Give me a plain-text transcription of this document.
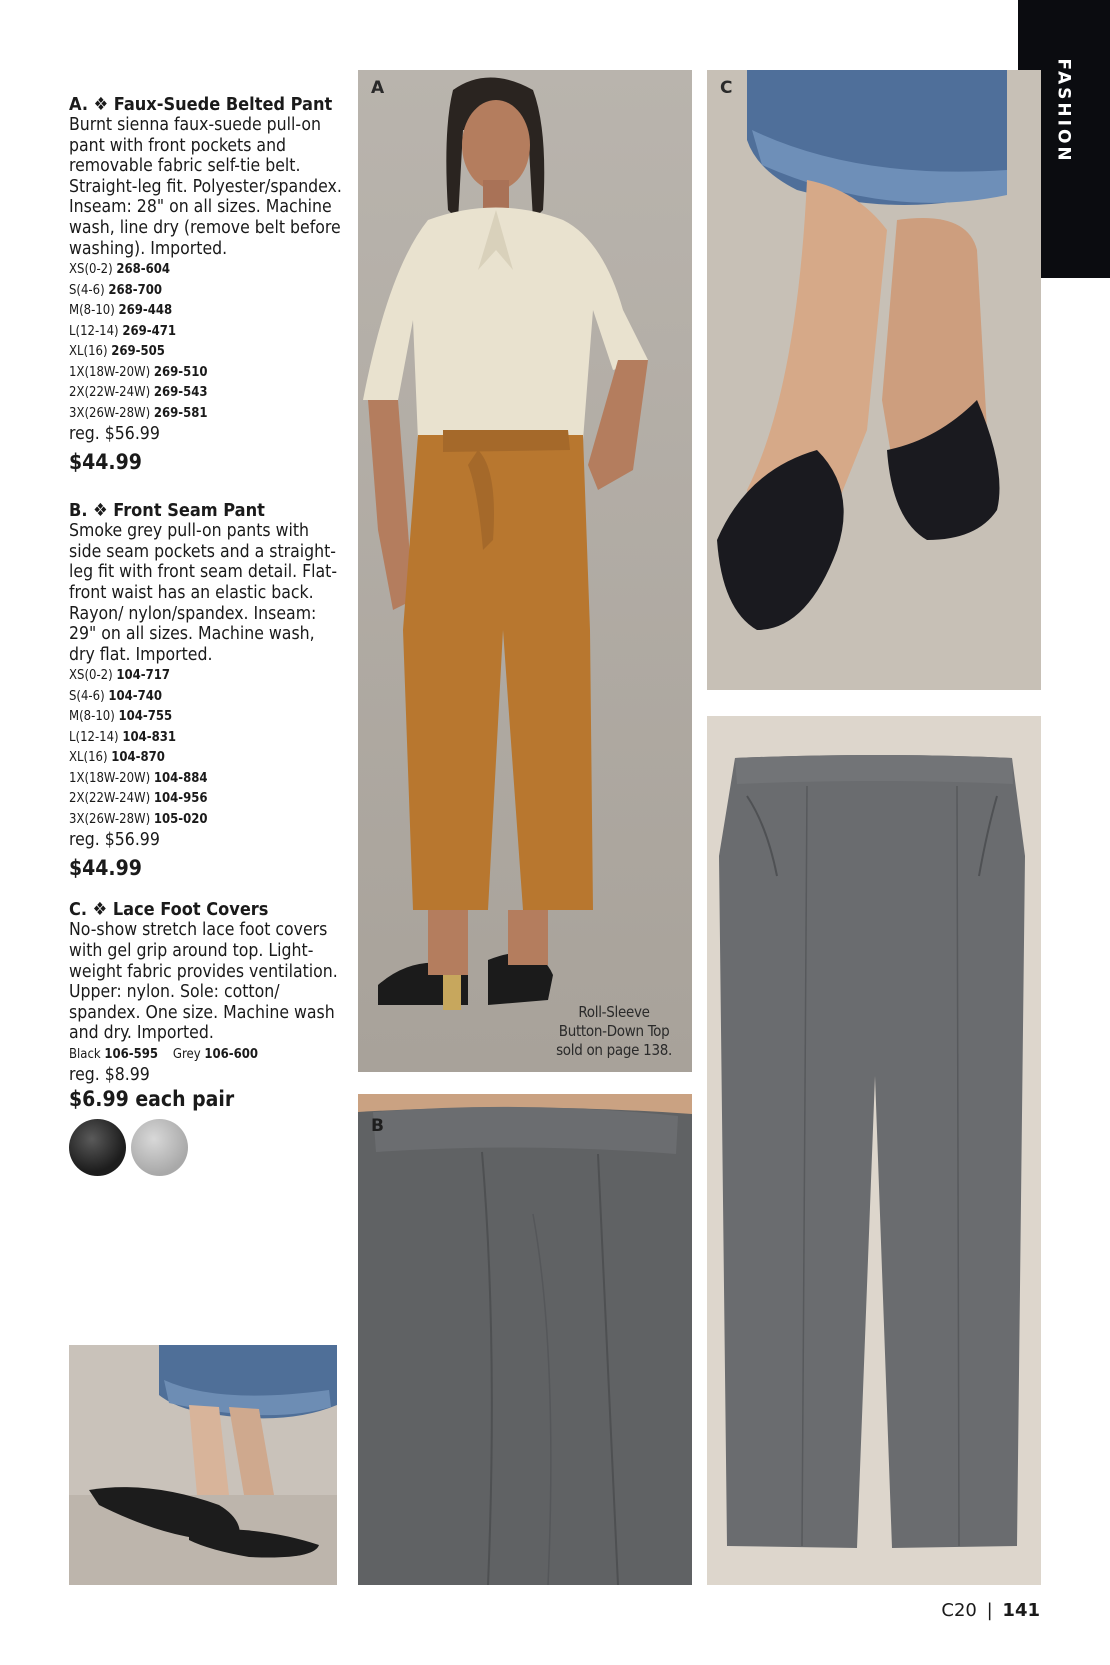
FASHION

A. ❖ Faux-Suede Belted Pant

Burnt sienna faux-suede pull-on pant with front pockets and removable fabric self-tie belt. Straight-leg fit. Polyester/spandex. Inseam: 28" on all sizes. Machine wash, line dry (remove belt before washing). Imported.

XS(0-2) 268-604
S(4-6) 268-700
M(8-10) 269-448
L(12-14) 269-471
XL(16) 269-505
1X(18W-20W) 269-510
2X(22W-24W) 269-543
3X(26W-28W) 269-581

reg. $56.99

$44.99

B. ❖ Front Seam Pant

Smoke grey pull-on pants with side seam pockets and a straight-leg fit with front seam detail. Flat-front waist has an elastic back. Rayon/ nylon/spandex. Inseam: 29" on all sizes. Machine wash, dry flat. Imported.

XS(0-2) 104-717
S(4-6) 104-740
M(8-10) 104-755
L(12-14) 104-831
XL(16) 104-870
1X(18W-20W) 104-884
2X(22W-24W) 104-956
3X(26W-28W) 105-020

reg. $56.99

$44.99

C. ❖ Lace Foot Covers

No-show stretch lace foot covers with gel grip around top. Light-weight fabric provides ventilation. Upper: nylon. Sole: cotton/ spandex. One size. Machine wash and dry. Imported.

Black 106-595 Grey 106-600

reg. $8.99

$6.99 each pair

A
Roll-Sleeve
Button-Down Top
sold on page 138.
B
C
C20 | 141
